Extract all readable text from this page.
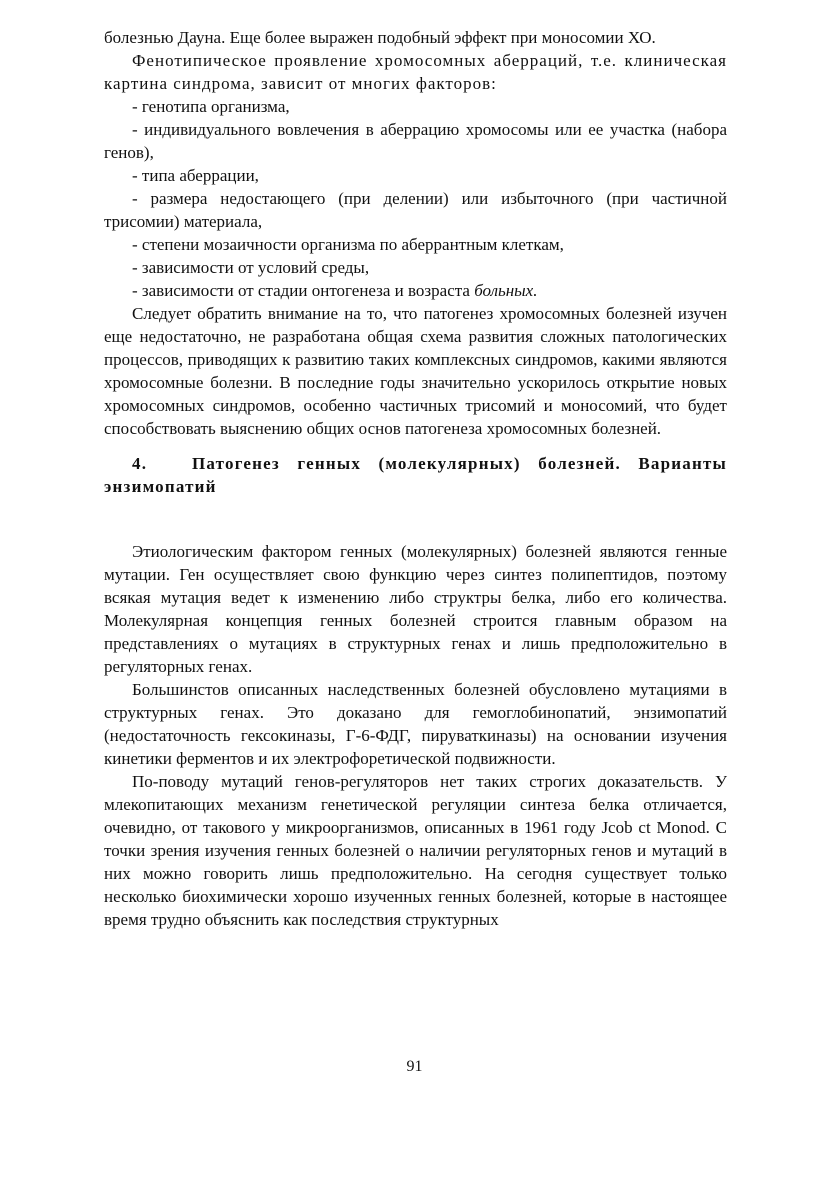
болезнью Дауна. Еще более выражен подобный эффект при моносомии ХО.

Фенотипическое проявление хромосомных аберраций, т.е. клиническая картина синдрома, зависит от многих факторов:

- генотипа организма,

- индивидуального вовлечения в аберрацию хромосомы или ее участка (набора генов),

- типа аберрации,

- размера недостающего (при делении) или избыточного (при частичной трисомии) материала,

- степени мозаичности организма по аберрантным клеткам,

- зависимости от условий среды,

- зависимости от стадии онтогенеза и возраста больных.

Следует обратить внимание на то, что патогенез хромосомных болезней изучен еще недостаточно, не разработана общая схема развития сложных патологических процессов, приводящих к развитию таких комплексных синдромов, какими являются хромосомные болезни. В последние годы значительно ускорилось открытие новых хромосомных синдромов, особенно частичных трисомий и моносомий, что будет способствовать выяснению общих основ патогенеза хромосомных болезней.

4.	Патогенез генных (молекулярных) болезней. Варианты энзимопатий

Этиологическим фактором генных (молекулярных) болезней являются генные мутации. Ген осуществляет свою функцию через синтез полипептидов, поэтому всякая мутация ведет к изменению либо структры белка, либо его количества. Молекулярная концепция генных болезней строится главным образом на представлениях о мутациях в структурных генах и лишь предположительно в регуляторных генах.

Большинстов описанных наследственных болезней обусловлено мутациями в структурных генах. Это доказано для гемоглобинопатий, энзимопатий (недостаточность гексокиназы, Г-6-ФДГ, пируваткиназы) на основании изучения кинетики ферментов и их электрофоретической подвижности.

По-поводу мутаций генов-регуляторов нет таких строгих доказательств. У млекопитающих механизм генетической регуляции синтеза белка отличается, очевидно, от такового у микроорганизмов, описанных в 1961 году Jcob ct Monod. С точки зрения изучения генных болезней о наличии регуляторных генов и мутаций в них можно говорить лишь предположительно. На сегодня существует только несколько биохимически хорошо изученных генных болезней, которые в настоящее время трудно объяснить как последствия структурных

91
